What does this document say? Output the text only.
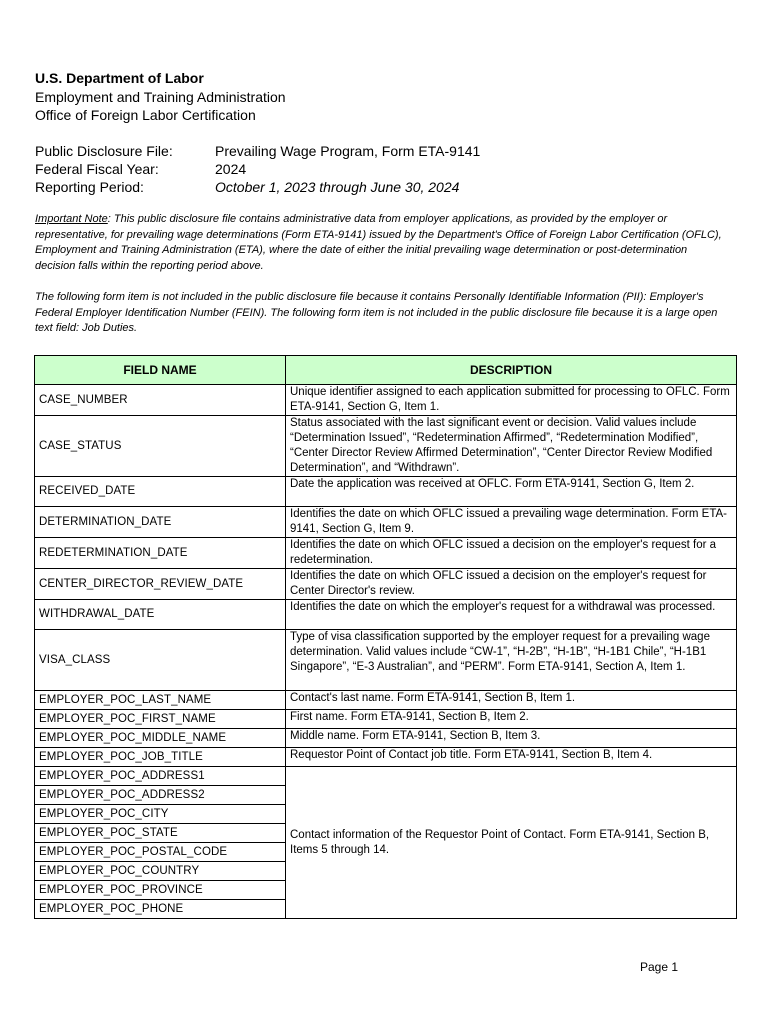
U.S. Department of Labor
Employment and Training Administration
Office of Foreign Labor Certification
Public Disclosure File:	Prevailing Wage Program, Form ETA-9141
Federal Fiscal Year:	2024
Reporting Period:	October 1, 2023 through June 30, 2024
Important Note: This public disclosure file contains administrative data from employer applications, as provided by the employer or representative, for prevailing wage determinations (Form ETA-9141) issued by the Department's Office of Foreign Labor Certification (OFLC), Employment and Training Administration (ETA), where the date of either the initial prevailing wage determination or post-determination decision falls within the reporting period above.
The following form item is not included in the public disclosure file because it contains Personally Identifiable Information (PII): Employer's Federal Employer Identification Number (FEIN). The following form item is not included in the public disclosure file because it is a large open text field: Job Duties.
FIELD NAME	DESCRIPTION
CASE_NUMBER	Unique identifier assigned to each application submitted for processing to OFLC. Form ETA-9141, Section G, Item 1.
CASE_STATUS	Status associated with the last significant event or decision. Valid values include “Determination Issued”, “Redetermination Affirmed”, “Redetermination Modified”, “Center Director Review Affirmed Determination”, “Center Director Review Modified Determination”, and “Withdrawn”.
RECEIVED_DATE	Date the application was received at OFLC. Form ETA-9141, Section G, Item 2.
DETERMINATION_DATE	Identifies the date on which OFLC issued a prevailing wage determination. Form ETA-9141, Section G, Item 9.
REDETERMINATION_DATE	Identifies the date on which OFLC issued a decision on the employer's request for a redetermination.
CENTER_DIRECTOR_REVIEW_DATE	Identifies the date on which OFLC issued a decision on the employer's request for Center Director's review.
WITHDRAWAL_DATE	Identifies the date on which the employer's request for a withdrawal was processed.
VISA_CLASS	Type of visa classification supported by the employer request for a prevailing wage determination. Valid values include “CW-1”, “H-2B”, “H-1B”, “H-1B1 Chile”, “H-1B1 Singapore”, “E-3 Australian”, and “PERM”. Form ETA-9141, Section A, Item 1.
EMPLOYER_POC_LAST_NAME	Contact's last name. Form ETA-9141, Section B, Item 1.
EMPLOYER_POC_FIRST_NAME	First name. Form ETA-9141, Section B, Item 2.
EMPLOYER_POC_MIDDLE_NAME	Middle name. Form ETA-9141, Section B, Item 3.
EMPLOYER_POC_JOB_TITLE	Requestor Point of Contact job title. Form ETA-9141, Section B, Item 4.
EMPLOYER_POC_ADDRESS1	Contact information of the Requestor Point of Contact. Form ETA-9141, Section B, Items 5 through 14.
EMPLOYER_POC_ADDRESS2	
EMPLOYER_POC_CITY	
EMPLOYER_POC_STATE	
EMPLOYER_POC_POSTAL_CODE	
EMPLOYER_POC_COUNTRY	
EMPLOYER_POC_PROVINCE	
EMPLOYER_POC_PHONE	
Page 1
